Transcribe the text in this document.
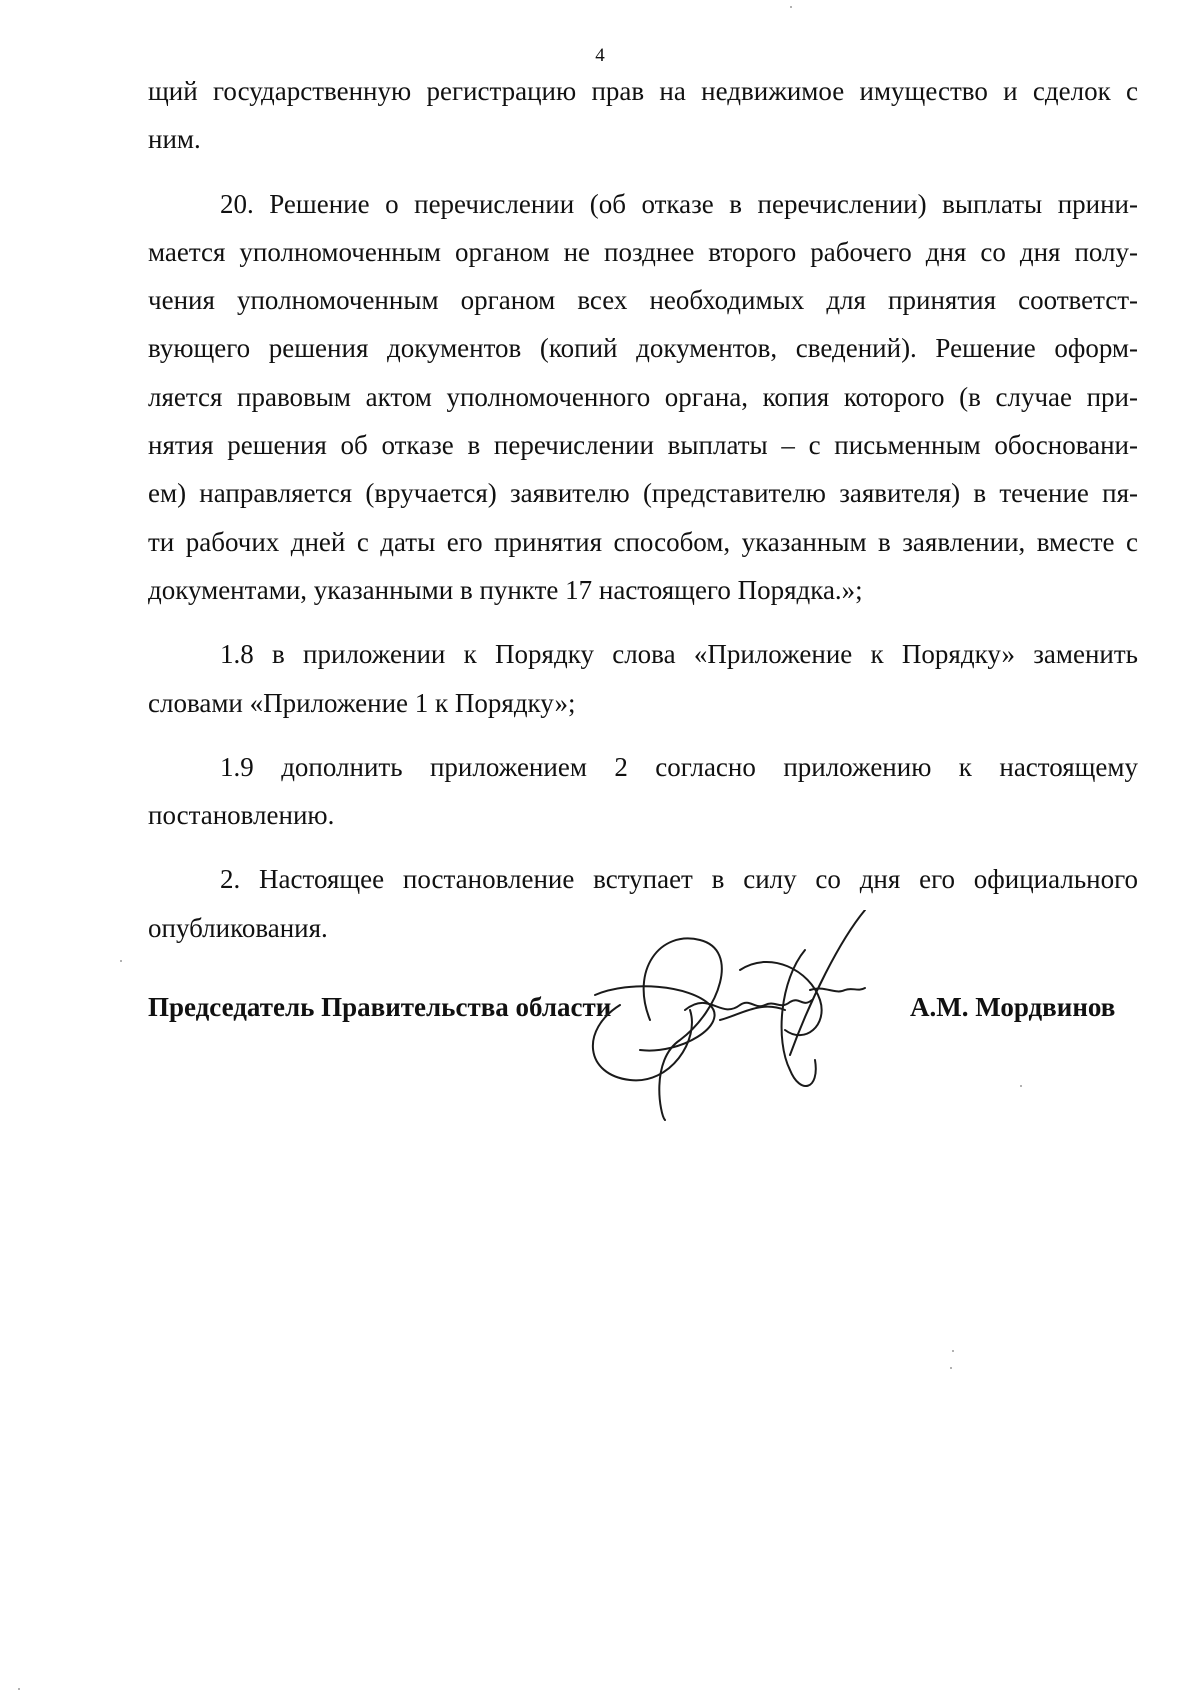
4

щий государственную регистрацию прав на недвижимое имущество и сделок с
ним.

20. Решение о перечислении (об отказе в перечислении) выплаты прини-
мается уполномоченным органом не позднее второго рабочего дня со дня полу-
чения уполномоченным органом всех необходимых для принятия соответст-
вующего решения документов (копий документов, сведений). Решение оформ-
ляется правовым актом уполномоченного органа, копия которого (в случае при-
нятия решения об отказе в перечислении выплаты – с письменным обосновани-
ем) направляется (вручается) заявителю (представителю заявителя) в течение пя-
ти рабочих дней с даты его принятия способом, указанным в заявлении, вместе с
документами, указанными в пункте 17 настоящего Порядка.»;

1.8 в приложении к Порядку слова «Приложение к Порядку» заменить
словами «Приложение 1 к Порядку»;

1.9 дополнить приложением 2 согласно приложению к настоящему
постановлению.

2. Настоящее постановление вступает в силу со дня его официального
опубликования.

Председатель Правительства области	А.М. Мордвинов
